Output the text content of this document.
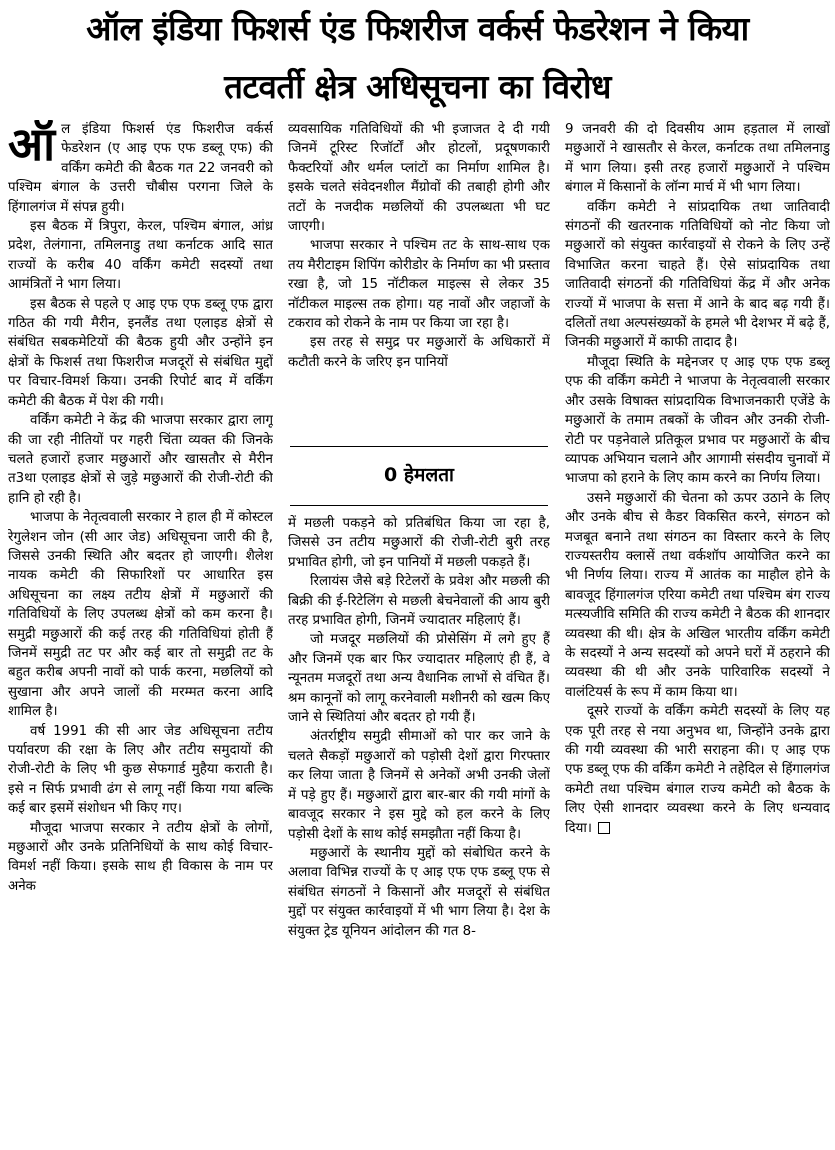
ऑल इंडिया फिशर्स एंड फिशरीज वर्कर्स फेडरेशन ने किया
तटवर्ती क्षेत्र अधिसूचना का विरोध

ऑल इंडिया फिशर्स एंड फिशरीज वर्कर्स फेडरेशन (ए आइ एफ एफ डब्लू एफ) की वर्किंग कमेटी की बैठक गत 22 जनवरी को पश्चिम बंगाल के उत्तरी चौबीस परगना जिले के हिंगालगंज में संपन्न हुयी।

इस बैठक में त्रिपुरा, केरल, पश्चिम बंगाल, आंध्र प्रदेश, तेलंगाना, तमिलनाडु तथा कर्नाटक आदि सात राज्यों के करीब 40 वर्किंग कमेटी सदस्यों तथा आमंत्रितों ने भाग लिया।

इस बैठक से पहले ए आइ एफ एफ डब्लू एफ द्वारा गठित की गयी मैरीन, इनलैंड तथा एलाइड क्षेत्रों से संबंधित सबकमेटियों की बैठक हुयी और उन्होंने इन क्षेत्रों के फिशर्स तथा फिशरीज मजदूरों से संबंधित मुद्दों पर विचार-विमर्श किया। उनकी रिपोर्ट बाद में वर्किंग कमेटी की बैठक में पेश की गयी।

वर्किंग कमेटी ने केंद्र की भाजपा सरकार द्वारा लागू की जा रही नीतियों पर गहरी चिंता व्यक्त की जिनके चलते हजारों हजार मछुआरों और खासतौर से मैरीन त3था एलाइड क्षेत्रों से जुड़े मछुआरों की रोजी-रोटी की हानि हो रही है।

भाजपा के नेतृत्ववाली सरकार ने हाल ही में कोस्टल रेगुलेशन जोन (सी आर जेड) अधिसूचना जारी की है, जिससे उनकी स्थिति और बदतर हो जाएगी। शैलेश नायक कमेटी की सिफारिशों पर आधारित इस अधिसूचना का लक्ष्य तटीय क्षेत्रों में मछुआरों की गतिविधियों के लिए उपलब्ध क्षेत्रों को कम करना है। समुद्री मछुआरों की कई तरह की गतिविधियां होती हैं जिनमें समुद्री तट पर और कई बार तो समुद्री तट के बहुत करीब अपनी नावों को पार्क करना, मछलियों को सुखाना और अपने जालों की मरम्मत करना आदि शामिल है।

वर्ष 1991 की सी आर जेड अधिसूचना तटीय पर्यावरण की रक्षा के लिए और तटीय समुदायों की रोजी-रोटी के लिए भी कुछ सेफगार्ड मुहैया कराती है। इसे न सिर्फ प्रभावी ढंग से लागू नहीं किया गया बल्कि कई बार इसमें संशोधन भी किए गए।

मौजूदा भाजपा सरकार ने तटीय क्षेत्रों के लोगों, मछुआरों और उनके प्रतिनिधियों के साथ कोई विचार-विमर्श नहीं किया। इसके साथ ही विकास के नाम पर अनेक

व्यवसायिक गतिविधियों की भी इजाजत दे दी गयी जिनमें टूरिस्ट रिजॉर्टों और होटलों, प्रदूषणकारी फैक्टरियों और थर्मल प्लांटों का निर्माण शामिल है। इसके चलते संवेदनशील मैंग्रोवों की तबाही होगी और तटों के नजदीक मछलियों की उपलब्धता भी घट जाएगी।

भाजपा सरकार ने पश्चिम तट के साथ-साथ एक तय मैरीटाइम शिपिंग कोरीडोर के निर्माण का भी प्रस्ताव रखा है, जो 15 नॉटीकल माइल्स से लेकर 35 नॉटीकल माइल्स तक होगा। यह नावों और जहाजों के टकराव को रोकने के नाम पर किया जा रहा है।

इस तरह से समुद्र पर मछुआरों के अधिकारों में कटौती करने के जरिए इन पानियों

0 हेमलता

में मछली पकड़ने को प्रतिबंधित किया जा रहा है, जिससे उन तटीय मछुआरों की रोजी-रोटी बुरी तरह प्रभावित होगी, जो इन पानियों में मछली पकड़ते हैं।

रिलायंस जैसे बड़े रिटेलरों के प्रवेश और मछली की बिक्री की ई-रिटेलिंग से मछली बेचनेवालों की आय बुरी तरह प्रभावित होगी, जिनमें ज्यादातर महिलाएं हैं।

जो मजदूर मछलियों की प्रोसेसिंग में लगे हुए हैं और जिनमें एक बार फिर ज्यादातर महिलाएं ही हैं, वे न्यूनतम मजदूरों तथा अन्य वैधानिक लाभों से वंचित हैं। श्रम कानूनों को लागू करनेवाली मशीनरी को खत्म किए जाने से स्थितियां और बदतर हो गयी हैं।

अंतर्राष्ट्रीय समुद्री सीमाओं को पार कर जाने के चलते सैकड़ों मछुआरों को पड़ोसी देशों द्वारा गिरफ्तार कर लिया जाता है जिनमें से अनेकों अभी उनकी जेलों में पड़े हुए हैं। मछुआरों द्वारा बार-बार की गयी मांगों के बावजूद सरकार ने इस मुद्दे को हल करने के लिए पड़ोसी देशों के साथ कोई समझौता नहीं किया है।

मछुआरों के स्थानीय मुद्दों को संबोधित करने के अलावा विभिन्न राज्यों के ए आइ एफ एफ डब्लू एफ से संबंधित संगठनों ने किसानों और मजदूरों से संबंधित मुद्दों पर संयुक्त कार्रवाइयों में भी भाग लिया है। देश के संयुक्त ट्रेड यूनियन आंदोलन की गत 8-

9 जनवरी की दो दिवसीय आम हड़ताल में लाखों मछुआरों ने खासतौर से केरल, कर्नाटक तथा तमिलनाडु में भाग लिया। इसी तरह हजारों मछुआरों ने पश्चिम बंगाल में किसानों के लॉन्ग मार्च में भी भाग लिया।

वर्किंग कमेटी ने सांप्रदायिक तथा जातिवादी संगठनों की खतरनाक गतिविधियों को नोट किया जो मछुआरों को संयुक्त कार्रवाइयों से रोकने के लिए उन्हें विभाजित करना चाहते हैं। ऐसे सांप्रदायिक तथा जातिवादी संगठनों की गतिविधियां केंद्र में और अनेक राज्यों में भाजपा के सत्ता में आने के बाद बढ़ गयी हैं। दलितों तथा अल्पसंख्यकों के हमले भी देशभर में बढ़े हैं, जिनकी मछुआरों में काफी तादाद है।

मौजूदा स्थिति के मद्देनजर ए आइ एफ एफ डब्लू एफ की वर्किंग कमेटी ने भाजपा के नेतृत्ववाली सरकार और उसके विषाक्त सांप्रदायिक विभाजनकारी एजेंडे के मछुआरों के तमाम तबकों के जीवन और उनकी रोजी-रोटी पर पड़नेवाले प्रतिकूल प्रभाव पर मछुआरों के बीच व्यापक अभियान चलाने और आगामी संसदीय चुनावों में भाजपा को हराने के लिए काम करने का निर्णय लिया।

उसने मछुआरों की चेतना को ऊपर उठाने के लिए और उनके बीच से कैडर विकसित करने, संगठन को मजबूत बनाने तथा संगठन का विस्तार करने के लिए राज्यस्तरीय क्लासें तथा वर्कशॉप आयोजित करने का भी निर्णय लिया। राज्य में आतंक का माहौल होने के बावजूद हिंगालगंज एरिया कमेटी तथा पश्चिम बंग राज्य मत्स्यजीवि समिति की राज्य कमेटी ने बैठक की शानदार व्यवस्था की थी। क्षेत्र के अखिल भारतीय वर्किंग कमेटी के सदस्यों ने अन्य सदस्यों को अपने घरों में ठहराने की व्यवस्था की थी और उनके पारिवारिक सदस्यों ने वालंटियर्स के रूप में काम किया था।

दूसरे राज्यों के वर्किंग कमेटी सदस्यों के लिए यह एक पूरी तरह से नया अनुभव था, जिन्होंने उनके द्वारा की गयी व्यवस्था की भारी सराहना की। ए आइ एफ एफ डब्लू एफ की वर्किंग कमेटी ने तहेदिल से हिंगालगंज कमेटी तथा पश्चिम बंगाल राज्य कमेटी को बैठक के लिए ऐसी शानदार व्यवस्था करने के लिए धन्यवाद दिया।
